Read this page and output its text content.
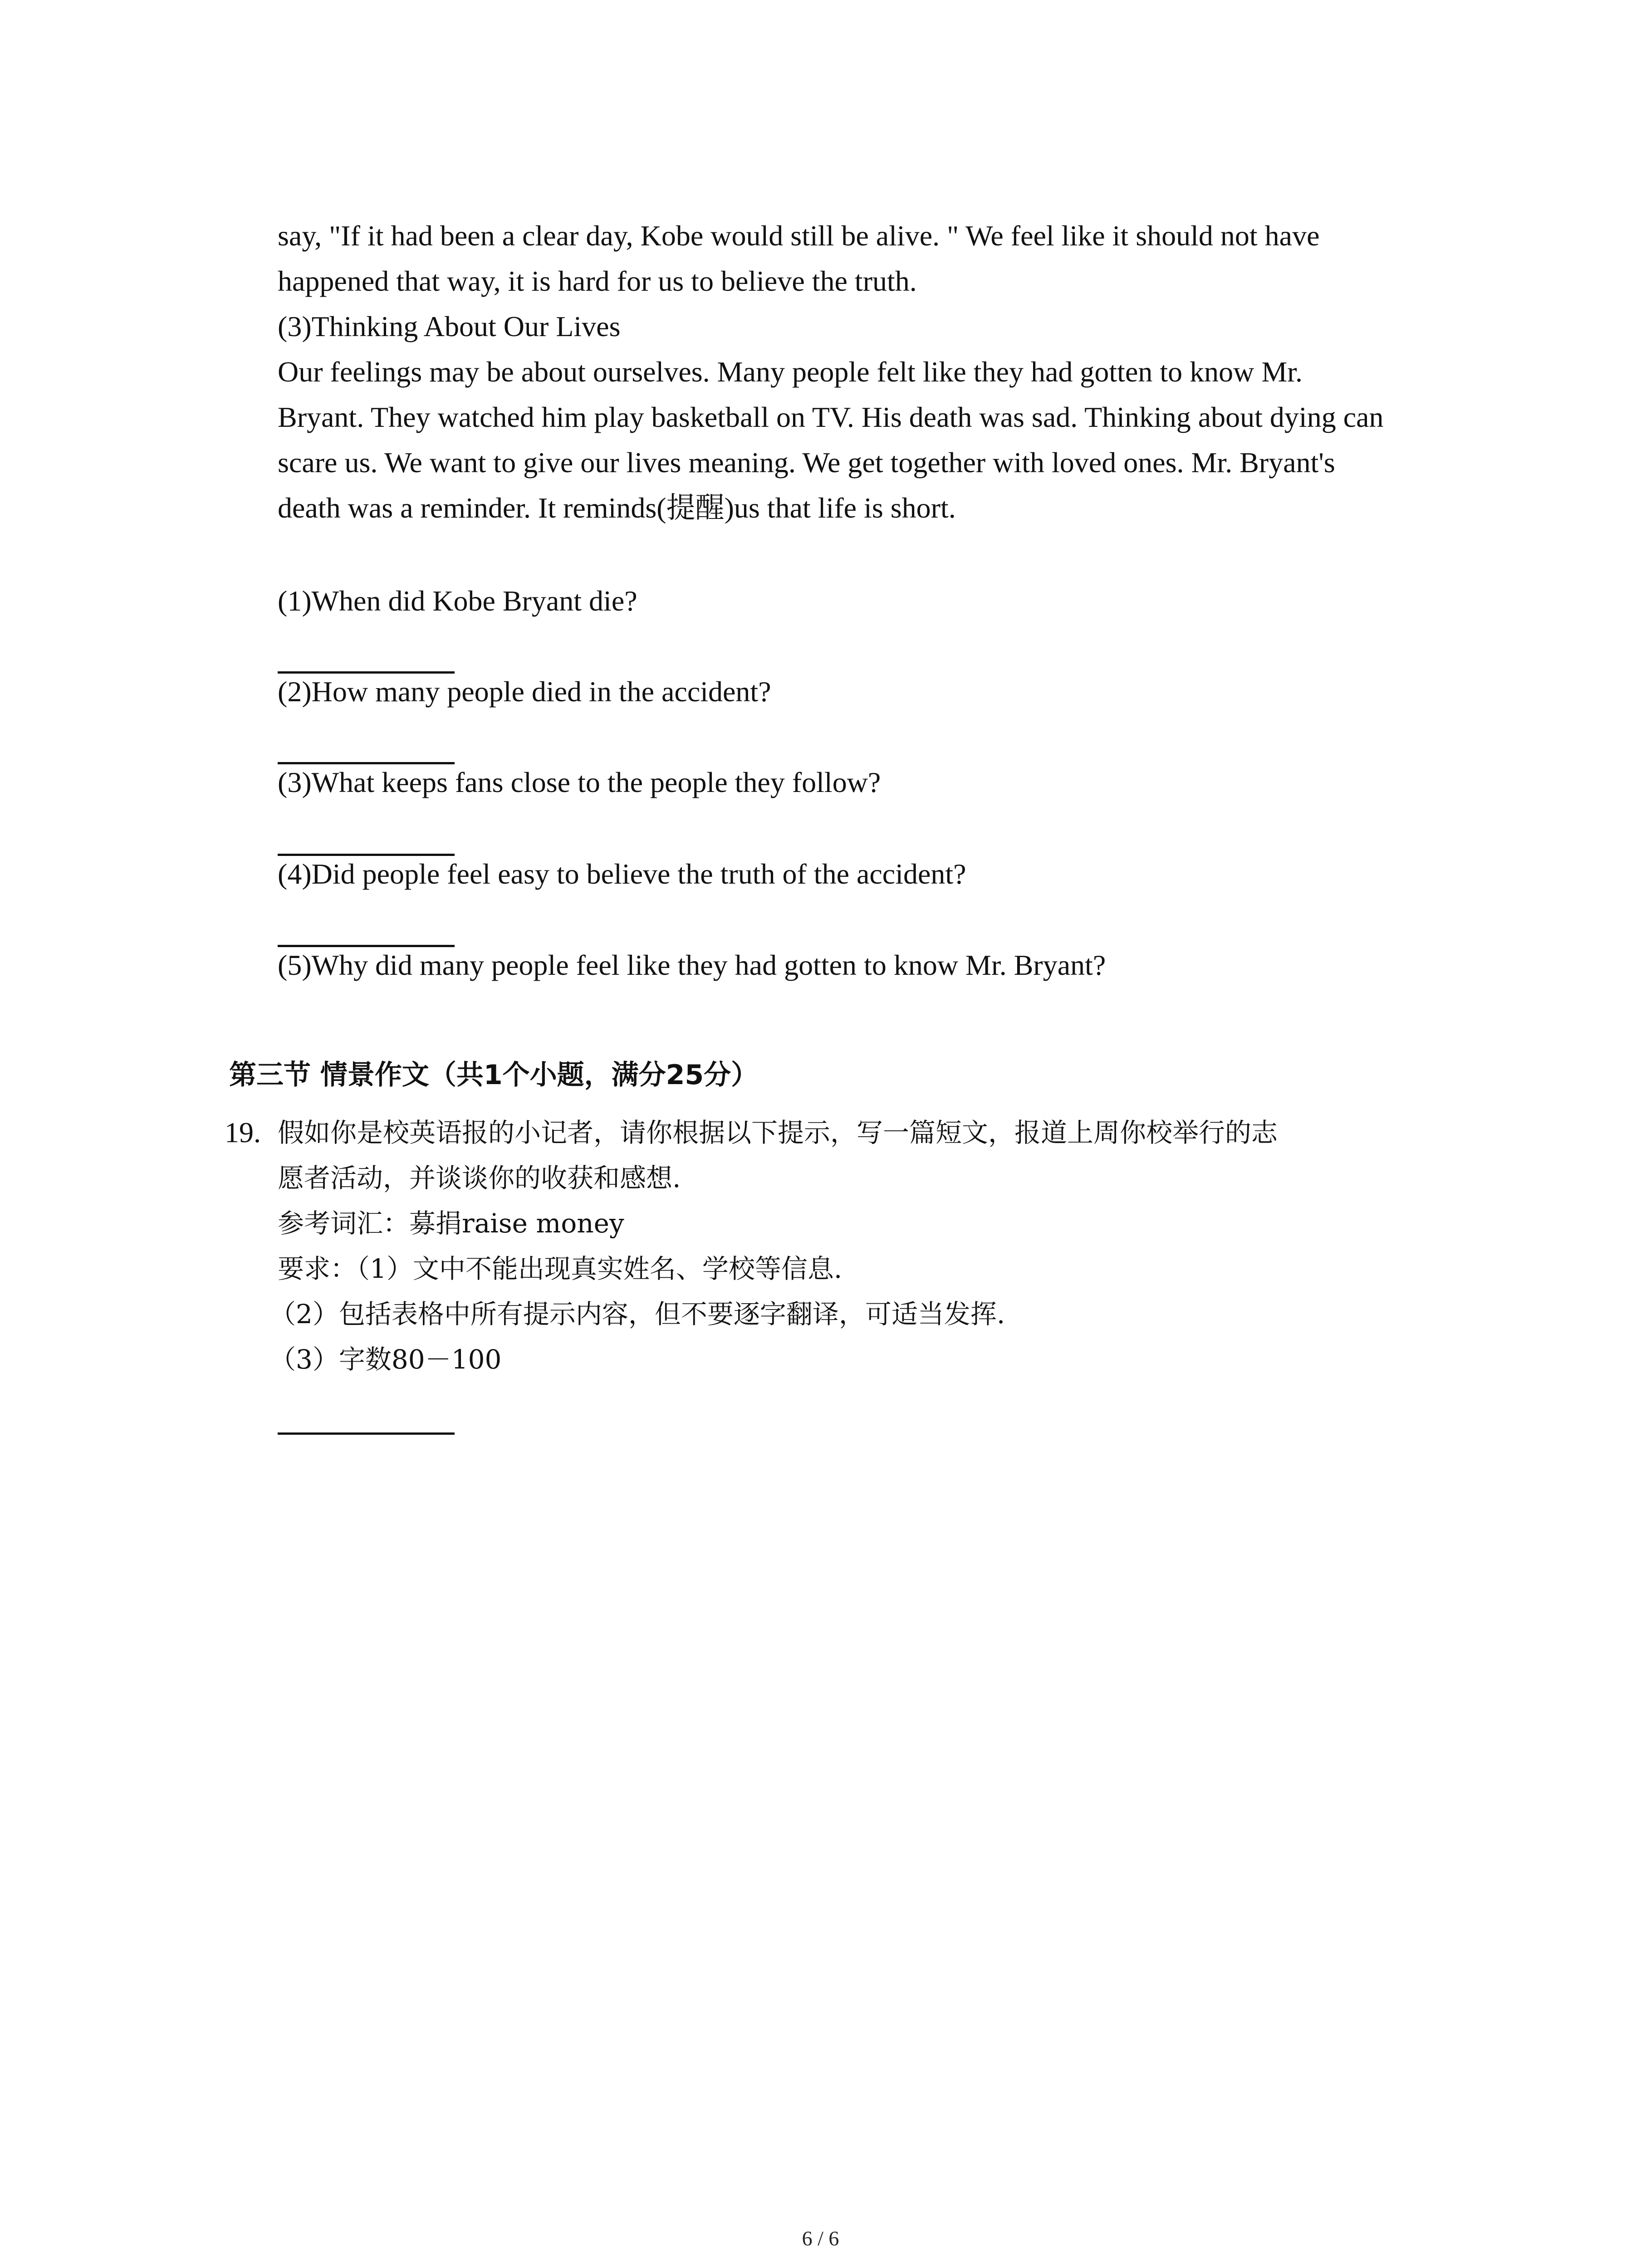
say, "If it had been a clear day, Kobe would still be alive. " We feel like it should not have
happened that way, it is hard for us to believe the truth.
(3)Thinking About Our Lives
Our feelings may be about ourselves. Many people felt like they had gotten to know Mr.
Bryant. They watched him play basketball on TV. His death was sad. Thinking about dying can
scare us. We want to give our lives meaning. We get together with loved ones. Mr. Bryant's
death was a reminder. It reminds(提醒)us that life is short.
(1)When did Kobe Bryant die?
(2)How many people died in the accident?
(3)What keeps fans close to the people they follow?
(4)Did people feel easy to believe the truth of the accident?
(5)Why did many people feel like they had gotten to know Mr. Bryant?
第三节 情景作文（共1个小题，满分25分）
19. 假如你是校英语报的小记者，请你根据以下提示，写一篇短文，报道上周你校举行的志
愿者活动，并谈谈你的收获和感想.
参考词汇：募捐raise money
要求：（1）文中不能出现真实姓名、学校等信息.
（2）包括表格中所有提示内容，但不要逐字翻译，可适当发挥.
（3）字数80－100
6 / 6
